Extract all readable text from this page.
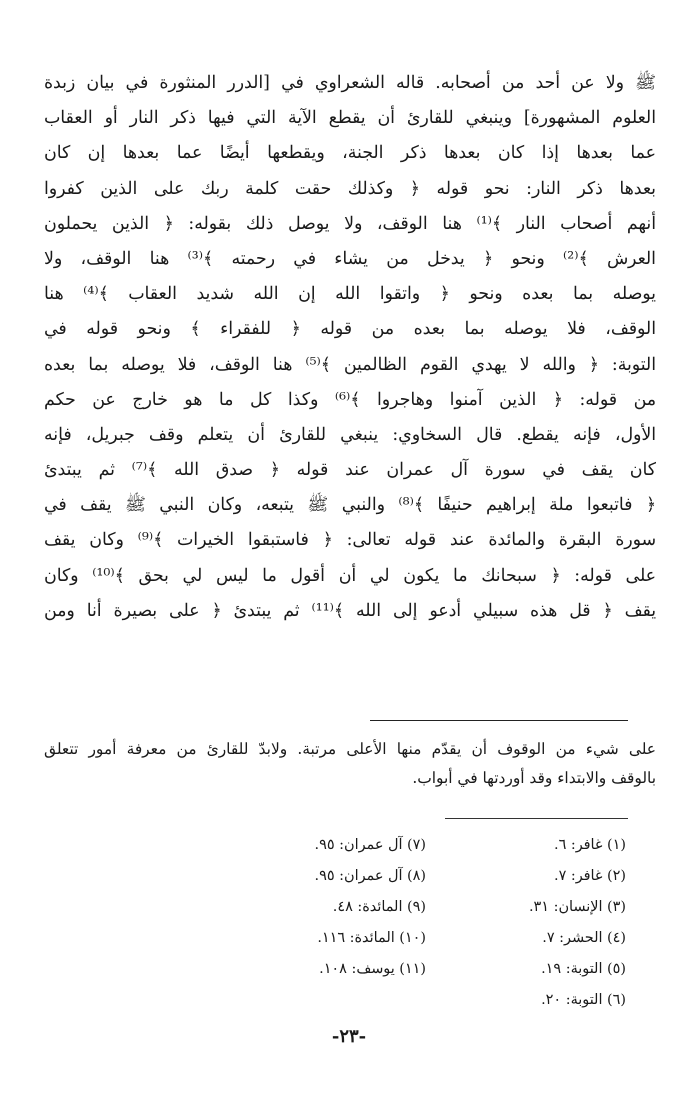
ﷺ ولا عن أحد من أصحابه. قاله الشعراوي في [الدرر المنثورة في بيان زبدة
العلوم المشهورة] وينبغي للقارئ أن يقطع الآية التي فيها ذكر النار أو العقاب
عما بعدها إذا كان بعدها ذكر الجنة، ويقطعها أيضًا عما بعدها إن كان
بعدها ذكر النار: نحو قوله ﴿ وكذلك حقت كلمة ربك على الذين كفروا
أنهم أصحاب النار ﴾⁽¹⁾ هنا الوقف، ولا يوصل ذلك بقوله: ﴿ الذين يحملون
العرش ﴾⁽²⁾ ونحو ﴿ يدخل من يشاء في رحمته ﴾⁽³⁾ هنا الوقف، ولا
يوصله بما بعده ونحو ﴿ واتقوا الله إن الله شديد العقاب ﴾⁽⁴⁾ هنا
الوقف، فلا يوصله بما بعده من قوله ﴿ للفقراء ﴾ ونحو قوله في
التوبة: ﴿ والله لا يهدي القوم الظالمين ﴾⁽⁵⁾ هنا الوقف، فلا يوصله بما بعده
من قوله: ﴿ الذين آمنوا وهاجروا ﴾⁽⁶⁾ وكذا كل ما هو خارج عن حكم
الأول، فإنه يقطع. قال السخاوي: ينبغي للقارئ أن يتعلم وقف جبريل، فإنه
كان يقف في سورة آل عمران عند قوله ﴿ صدق الله ﴾⁽⁷⁾ ثم يبتدئ
﴿ فاتبعوا ملة إبراهيم حنيفًا ﴾⁽⁸⁾ والنبي ﷺ يتبعه، وكان النبي ﷺ يقف في
سورة البقرة والمائدة عند قوله تعالى: ﴿ فاستبقوا الخيرات ﴾⁽⁹⁾ وكان يقف
على قوله: ﴿ سبحانك ما يكون لي أن أقول ما ليس لي بحق ﴾⁽¹⁰⁾ وكان
يقف ﴿ قل هذه سبيلي أدعو إلى الله ﴾⁽¹¹⁾ ثم يبتدئ ﴿ على بصيرة أنا ومن
على شيء من الوقوف أن يقدّم منها الأعلى مرتبة. ولابدّ للقارئ من معرفة أمور تتعلق
بالوقف والابتداء وقد أوردتها في أبواب.
(١) غافر: ٦.
(٧) آل عمران: ٩٥.
(٢) غافر: ٧.
(٨) آل عمران: ٩٥.
(٣) الإنسان: ٣١.
(٩) المائدة: ٤٨.
(٤) الحشر: ٧.
(١٠) المائدة: ١١٦.
(٥) التوبة: ١٩.
(١١) يوسف: ١٠٨.
(٦) التوبة: ٢٠.
-٢٣-
